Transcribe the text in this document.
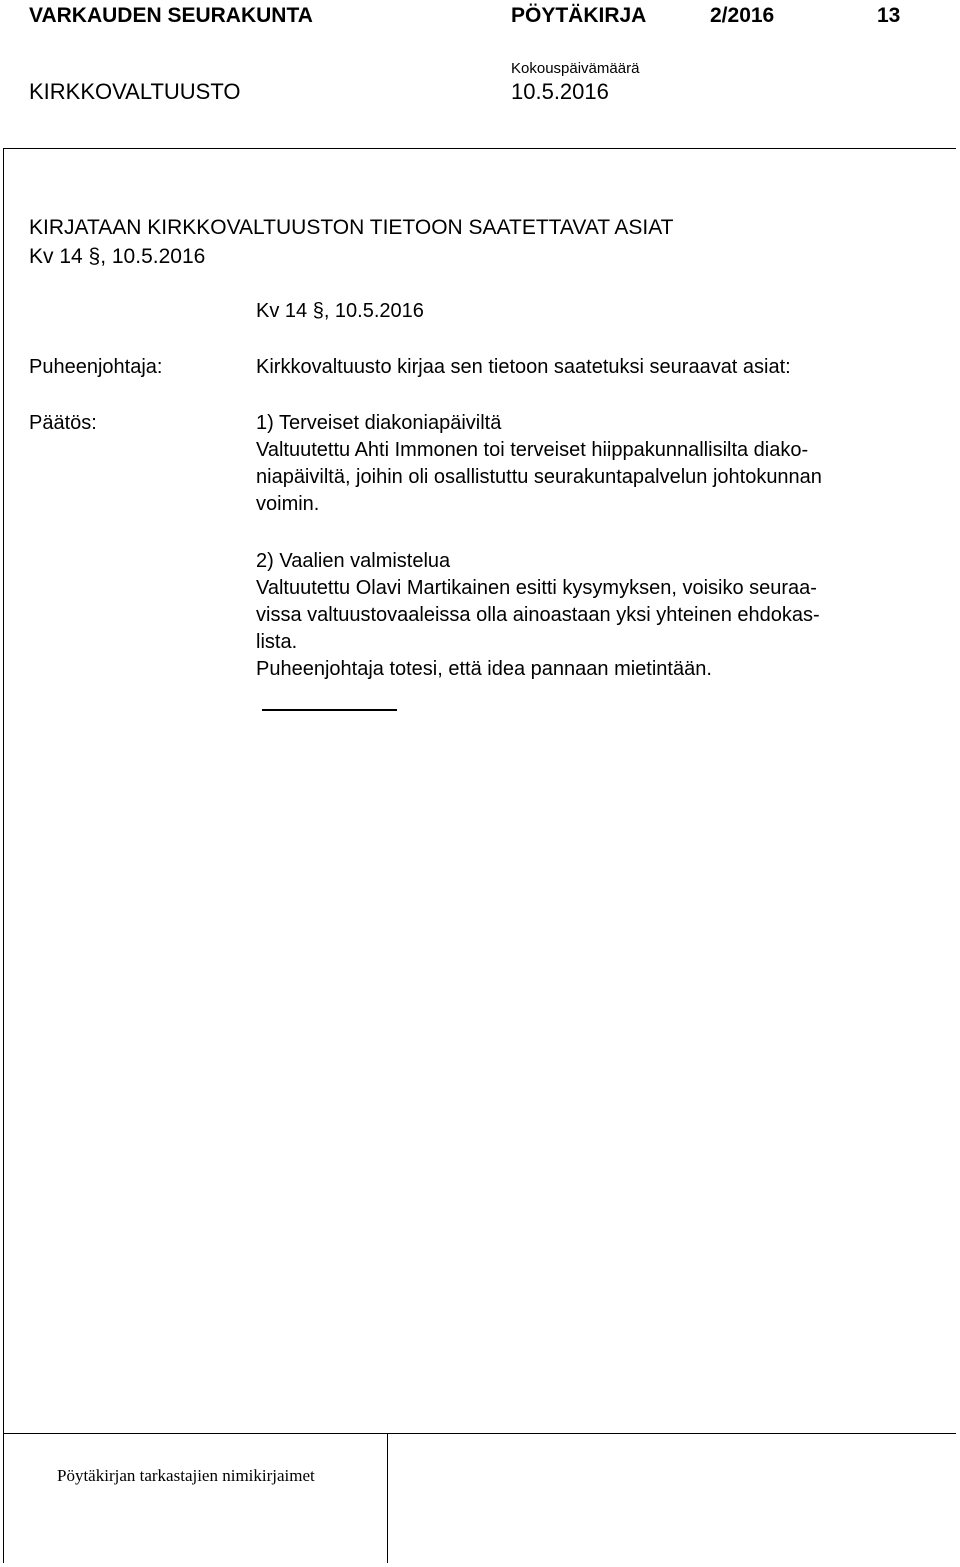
VARKAUDEN SEURAKUNTA	PÖYTÄKIRJA	2/2016	13
Kokouspäivämäärä
KIRKKOVALTUUSTO	10.5.2016
KIRJATAAN KIRKKOVALTUUSTON TIETOON SAATETTAVAT ASIAT
Kv 14 §, 10.5.2016
Kv 14 §, 10.5.2016
Puheenjohtaja:	Kirkkovaltuusto kirjaa sen tietoon saatetuksi seuraavat asiat:
Päätös:	1) Terveiset diakoniapäiviltä
Valtuutettu Ahti Immonen toi terveiset hiippakunnallisilta diako-
niapäiviltä, joihin oli osallistuttu seurakuntapalvelun johtokunnan
voimin.
2) Vaalien valmistelua
Valtuutettu Olavi Martikainen esitti kysymyksen, voisiko seuraa-
vissa valtuustovaaleissa olla ainoastaan yksi yhteinen ehdokas-
lista.
Puheenjohtaja totesi, että idea pannaan mietintään.
Pöytäkirjan tarkastajien nimikirjaimet
